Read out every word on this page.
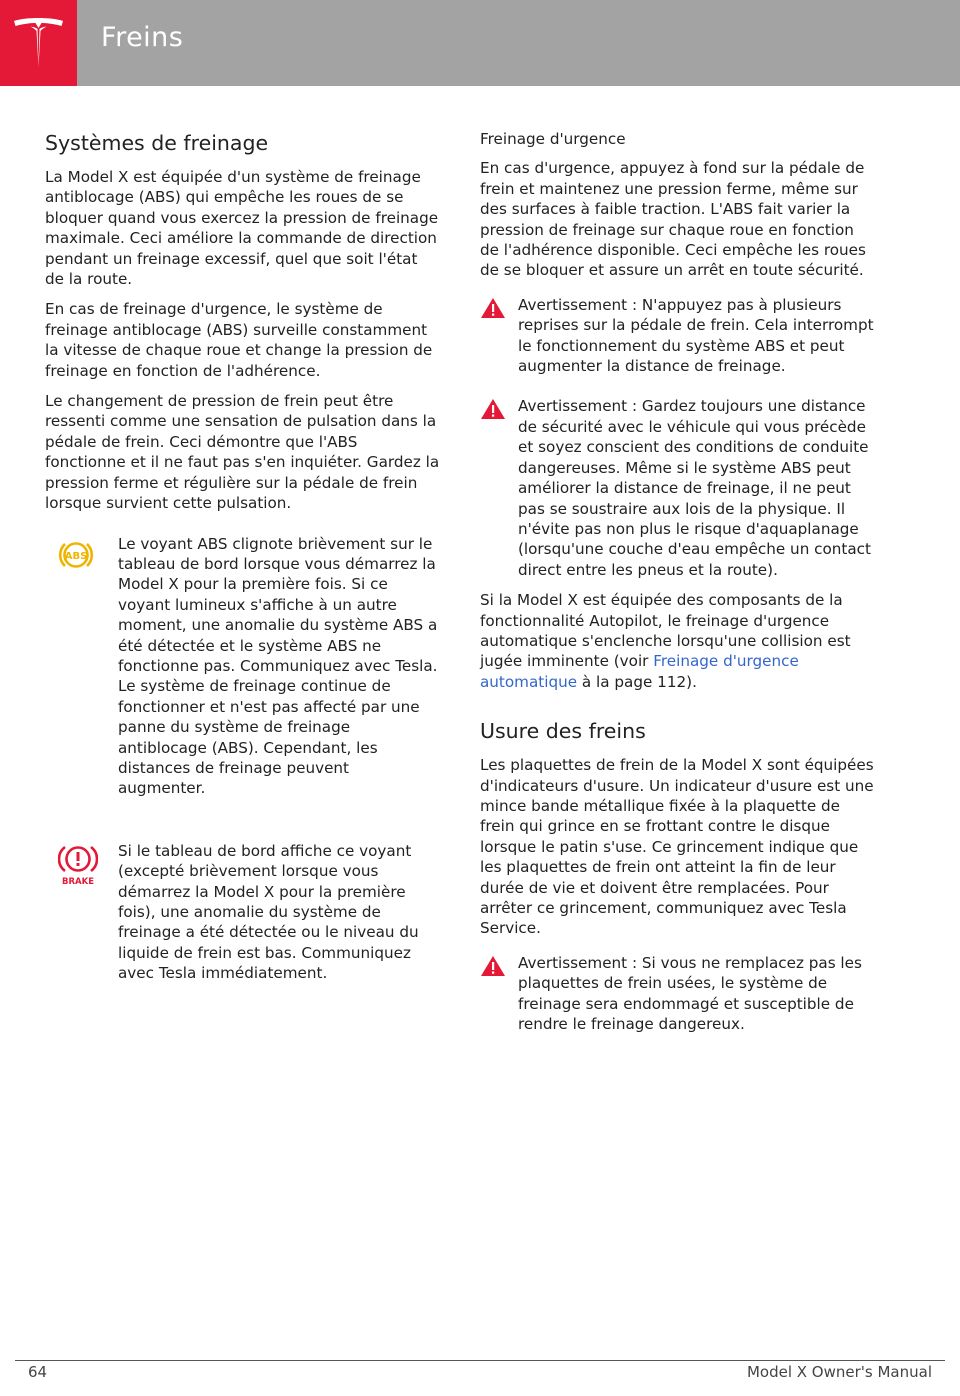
Freins
Systèmes de freinage

La Model X est équipée d'un système de freinage antiblocage (ABS) qui empêche les roues de se bloquer quand vous exercez la pression de freinage maximale. Ceci améliore la commande de direction pendant un freinage excessif, quel que soit l'état de la route.

En cas de freinage d'urgence, le système de freinage antiblocage (ABS) surveille constamment la vitesse de chaque roue et change la pression de freinage en fonction de l'adhérence.

Le changement de pression de frein peut être ressenti comme une sensation de pulsation dans la pédale de frein. Ceci démontre que l'ABS fonctionne et il ne faut pas s'en inquiéter. Gardez la pression ferme et régulière sur la pédale de frein lorsque survient cette pulsation.

ABS

Le voyant ABS clignote brièvement sur le tableau de bord lorsque vous démarrez la Model X pour la première fois. Si ce voyant lumineux s'affiche à un autre moment, une anomalie du système ABS a été détectée et le système ABS ne fonctionne pas. Communiquez avec Tesla. Le système de freinage continue de fonctionner et n'est pas affecté par une panne du système de freinage antiblocage (ABS). Cependant, les distances de freinage peuvent augmenter.

BRAKE

Si le tableau de bord affiche ce voyant (excepté brièvement lorsque vous démarrez la Model X pour la première fois), une anomalie du système de freinage a été détectée ou le niveau du liquide de frein est bas. Communiquez avec Tesla immédiatement.

Freinage d'urgence

En cas d'urgence, appuyez à fond sur la pédale de frein et maintenez une pression ferme, même sur des surfaces à faible traction. L'ABS fait varier la pression de freinage sur chaque roue en fonction de l'adhérence disponible. Ceci empêche les roues de se bloquer et assure un arrêt en toute sécurité.

Avertissement : N'appuyez pas à plusieurs reprises sur la pédale de frein. Cela interrompt le fonctionnement du système ABS et peut augmenter la distance de freinage.

Avertissement : Gardez toujours une distance de sécurité avec le véhicule qui vous précède et soyez conscient des conditions de conduite dangereuses. Même si le système ABS peut améliorer la distance de freinage, il ne peut pas se soustraire aux lois de la physique. Il n'évite pas non plus le risque d'aquaplanage (lorsqu'une couche d'eau empêche un contact direct entre les pneus et la route).

Si la Model X est équipée des composants de la fonctionnalité Autopilot, le freinage d'urgence automatique s'enclenche lorsqu'une collision est jugée imminente (voir Freinage d'urgence automatique à la page 112).

Usure des freins

Les plaquettes de frein de la Model X sont équipées d'indicateurs d'usure. Un indicateur d'usure est une mince bande métallique fixée à la plaquette de frein qui grince en se frottant contre le disque lorsque le patin s'use. Ce grincement indique que les plaquettes de frein ont atteint la fin de leur durée de vie et doivent être remplacées. Pour arrêter ce grincement, communiquez avec Tesla Service.

Avertissement : Si vous ne remplacez pas les plaquettes de frein usées, le système de freinage sera endommagé et susceptible de rendre le freinage dangereux.

64	Model X Owner's Manual
